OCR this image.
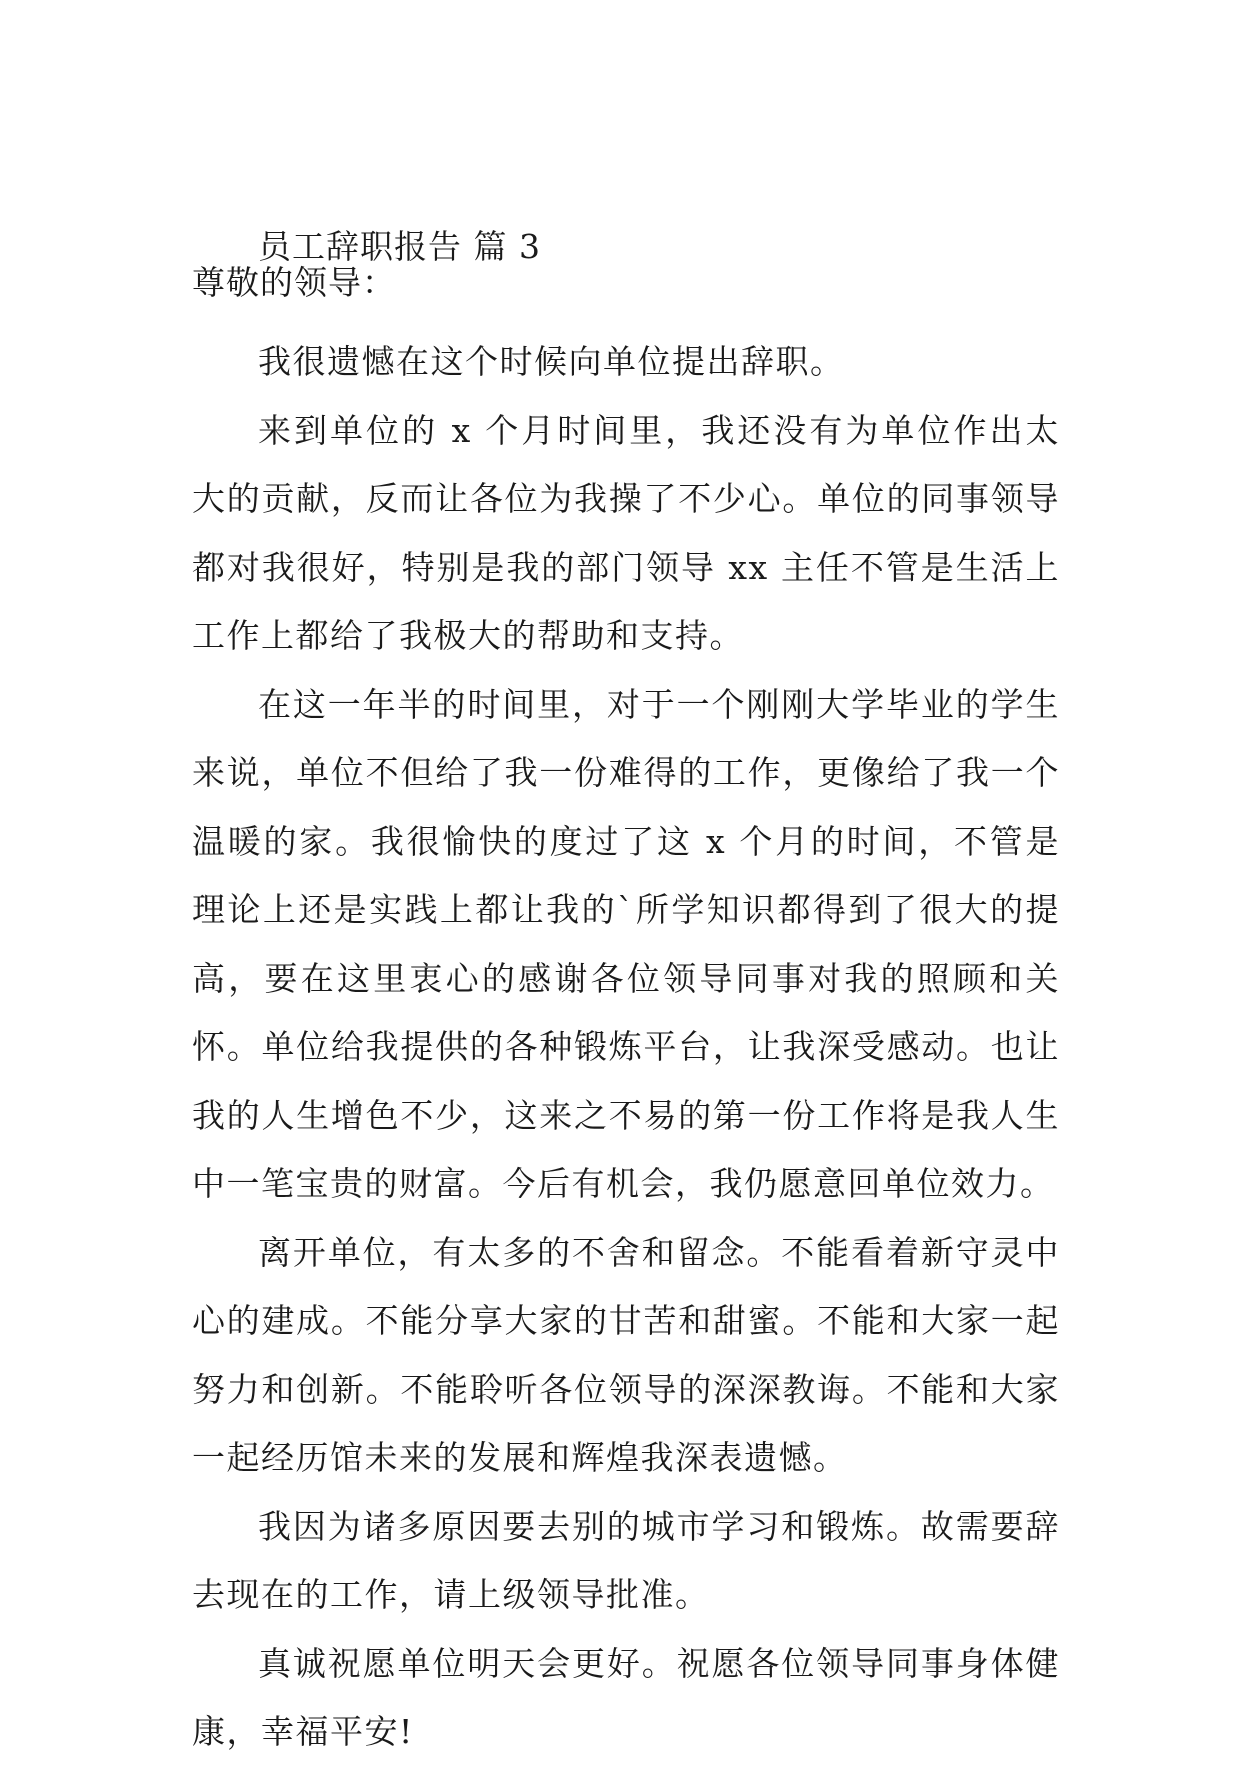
员工辞职报告 篇 3
尊敬的领导：

我很遗憾在这个时候向单位提出辞职。

来到单位的 x 个月时间里，我还没有为单位作出太大的贡献，反而让各位为我操了不少心。单位的同事领导都对我很好，特别是我的部门领导 xx 主任不管是生活上工作上都给了我极大的帮助和支持。

在这一年半的时间里，对于一个刚刚大学毕业的学生来说，单位不但给了我一份难得的工作，更像给了我一个温暖的家。我很愉快的度过了这 x 个月的时间，不管是理论上还是实践上都让我的`所学知识都得到了很大的提高，要在这里衷心的感谢各位领导同事对我的照顾和关怀。单位给我提供的各种锻炼平台，让我深受感动。也让我的人生增色不少，这来之不易的第一份工作将是我人生中一笔宝贵的财富。今后有机会，我仍愿意回单位效力。

离开单位，有太多的不舍和留念。不能看着新守灵中心的建成。不能分享大家的甘苦和甜蜜。不能和大家一起努力和创新。不能聆听各位领导的深深教诲。不能和大家一起经历馆未来的发展和辉煌我深表遗憾。

我因为诸多原因要去别的城市学习和锻炼。故需要辞去现在的工作，请上级领导批准。

真诚祝愿单位明天会更好。祝愿各位领导同事身体健康，幸福平安!
